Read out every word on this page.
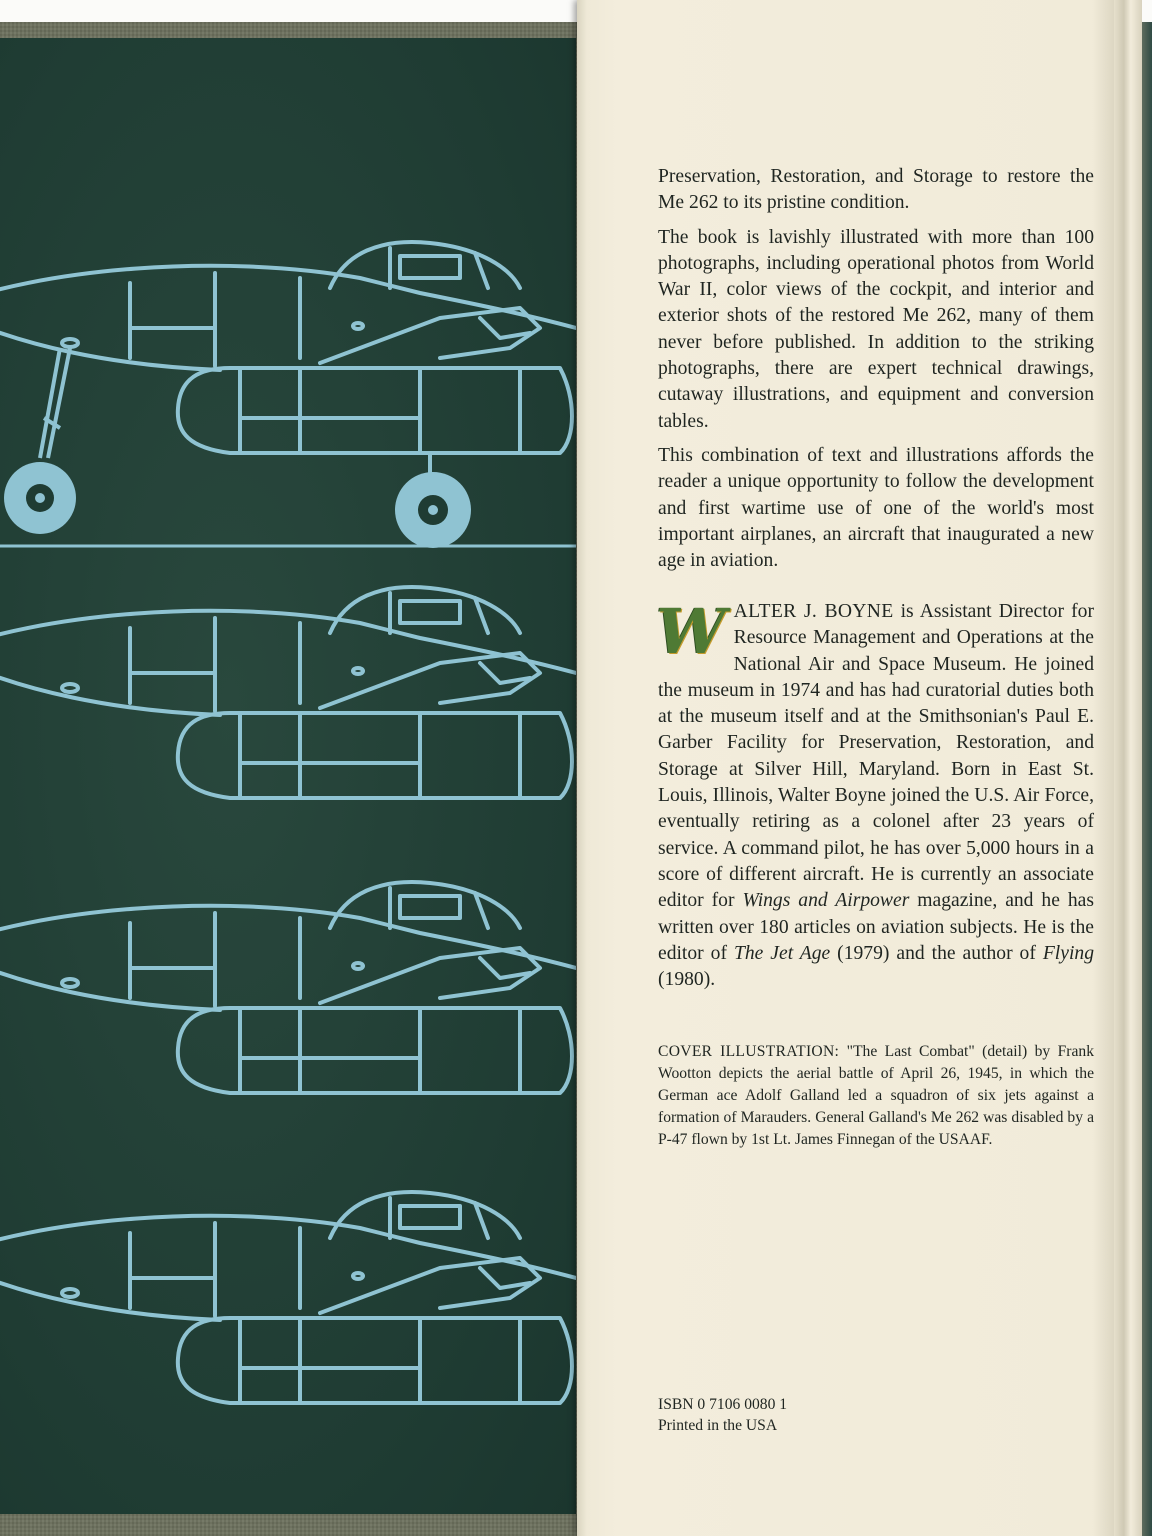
Preservation, Restoration, and Storage to restore the Me 262 to its pristine condition.

The book is lavishly illustrated with more than 100 photographs, including operational photos from World War II, color views of the cockpit, and interior and exterior shots of the restored Me 262, many of them never before published. In addition to the striking photographs, there are expert technical drawings, cutaway illustrations, and equipment and conversion tables.

This combination of text and illustrations affords the reader a unique opportunity to follow the development and first wartime use of one of the world's most important airplanes, an aircraft that inaugurated a new age in aviation.

WALTER J. BOYNE is Assistant Director for Resource Management and Operations at the National Air and Space Museum. He joined the museum in 1974 and has had curatorial duties both at the museum itself and at the Smithsonian's Paul E. Garber Facility for Preservation, Restoration, and Storage at Silver Hill, Maryland. Born in East St. Louis, Illinois, Walter Boyne joined the U.S. Air Force, eventually retiring as a colonel after 23 years of service. A command pilot, he has over 5,000 hours in a score of different aircraft. He is currently an associate editor for Wings and Airpower magazine, and he has written over 180 articles on aviation subjects. He is the editor of The Jet Age (1979) and the author of Flying (1980).
COVER ILLUSTRATION: "The Last Combat" (detail) by Frank Wootton depicts the aerial battle of April 26, 1945, in which the German ace Adolf Galland led a squadron of six jets against a formation of Marauders. General Galland's Me 262 was disabled by a P-47 flown by 1st Lt. James Finnegan of the USAAF.
ISBN 0 7106 0080 1
Printed in the USA
